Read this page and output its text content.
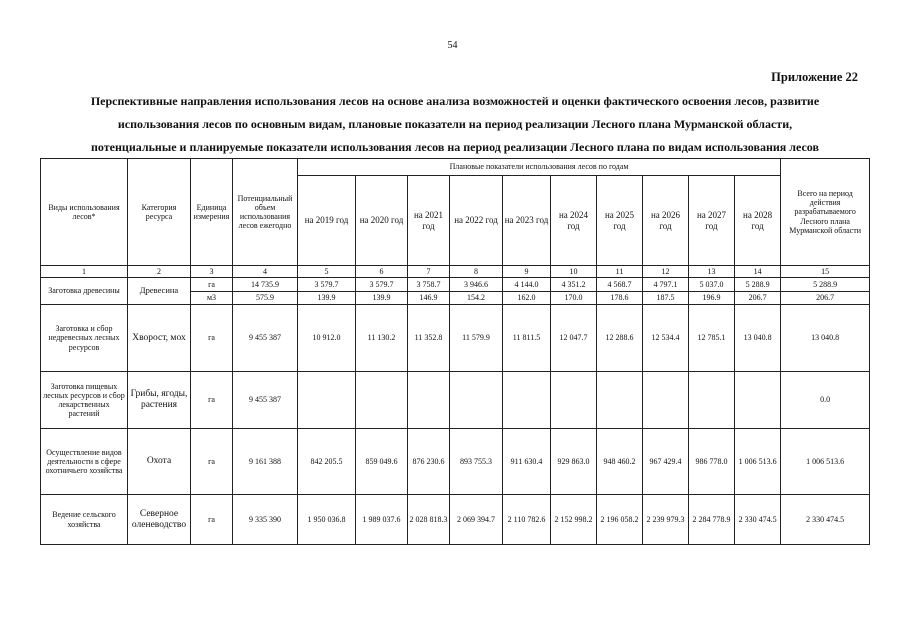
54
Приложение 22
Перспективные направления использования лесов на основе анализа возможностей и оценки фактического освоения лесов, развитие
использования лесов по основным видам, плановые показатели на период реализации Лесного плана Мурманской области,
потенциальные и планируемые показатели использования лесов на период реализации Лесного плана по видам использования лесов
Виды использования лесов*	Категория ресурса	Единица измерения	Потенциальный объем использования лесов ежегодно	Плановые показатели использования лесов по годам										Всего на период действия разрабатываемого Лесного плана Мурманской области
				на 2019 год	на 2020 год	на 2021 год	на 2022 год	на 2023 год	на 2024 год	на 2025 год	на 2026 год	на 2027 год	на 2028 год	
1	2	3	4	5	6	7	8	9	10	11	12	13	14	15
Заготовка древесины	Древесина	га	14 735.9	3 579.7	3 579.7	3 758.7	3 946.6	4 144.0	4 351.2	4 568.7	4 797.1	5 037.0	5 288.9	5 288.9
		м3	575.9	139.9	139.9	146.9	154.2	162.0	170.0	178.6	187.5	196.9	206.7	206.7
Заготовка и сбор недревесных лесных ресурсов	Хворост, мох	га	9 455 387	10 912.0	11 130.2	11 352.8	11 579.9	11 811.5	12 047.7	12 288.6	12 534.4	12 785.1	13 040.8	13 040.8
Заготовка пищевых лесных ресурсов и сбор лекарственных растений	Грибы, ягоды, растения	га	9 455 387											0.0
Осуществление видов деятельности в сфере охотничьего хозяйства	Охота	га	9 161 388	842 205.5	859 049.6	876 230.6	893 755.3	911 630.4	929 863.0	948 460.2	967 429.4	986 778.0	1 006 513.6	1 006 513.6
Ведение сельского хозяйства	Северное оленеводство	га	9 335 390	1 950 036.8	1 989 037.6	2 028 818.3	2 069 394.7	2 110 782.6	2 152 998.2	2 196 058.2	2 239 979.3	2 284 778.9	2 330 474.5	2 330 474.5
